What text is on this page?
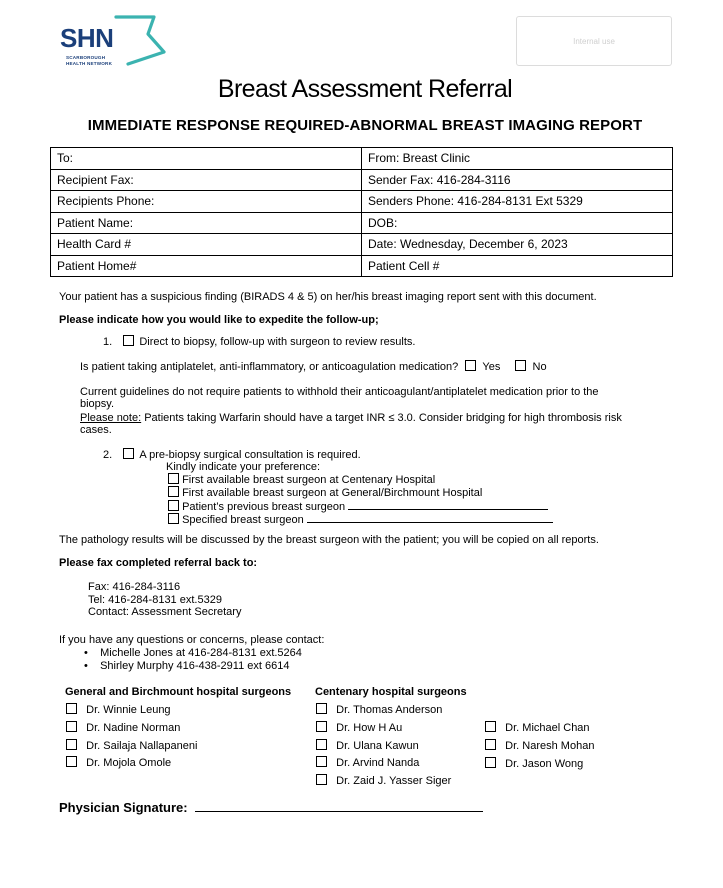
SHN
SCARBOROUGH
HEALTH NETWORK
Internal use
Breast Assessment Referral
IMMEDIATE RESPONSE REQUIRED-ABNORMAL BREAST IMAGING REPORT
To:	From: Breast Clinic
Recipient Fax:	Sender Fax: 416-284-3116
Recipients Phone:	Senders Phone: 416-284-8131 Ext 5329
Patient Name:	DOB:
Health Card #	Date: Wednesday, December 6, 2023
Patient Home#	Patient Cell #
Your patient has a suspicious finding (BIRADS 4 & 5) on her/his breast imaging report sent with this document.
Please indicate how you would like to expedite the follow-up;
1. Direct to biopsy, follow-up with surgeon to review results.
Is patient taking antiplatelet, anti-inflammatory, or anticoagulation medication? Yes	No
Current guidelines do not require patients to withhold their anticoagulant/antiplatelet medication prior to the
biopsy.
Please note: Patients taking Warfarin should have a target INR ≤ 3.0. Consider bridging for high thrombosis risk
cases.
2. A pre-biopsy surgical consultation is required.
Kindly indicate your preference:
First available breast surgeon at Centenary Hospital
First available breast surgeon at General/Birchmount Hospital
Patient’s previous breast surgeon
Specified breast surgeon
The pathology results will be discussed by the breast surgeon with the patient; you will be copied on all reports.
Please fax completed referral back to:
Fax: 416-284-3116
Tel: 416-284-8131 ext.5329
Contact: Assessment Secretary
If you have any questions or concerns, please contact:
• Michelle Jones at 416-284-8131 ext.5264
• Shirley Murphy 416-438-2911 ext 6614
General and Birchmount hospital surgeons Centenary hospital surgeons
Dr. Winnie Leung
Dr. Nadine Norman
Dr. Sailaja Nallapaneni
Dr. Mojola Omole
Dr. Thomas Anderson
Dr. How H Au
Dr. Ulana Kawun
Dr. Arvind Nanda
Dr. Zaid J. Yasser Siger
Dr. Michael Chan
Dr. Naresh Mohan
Dr. Jason Wong
Physician Signature:
